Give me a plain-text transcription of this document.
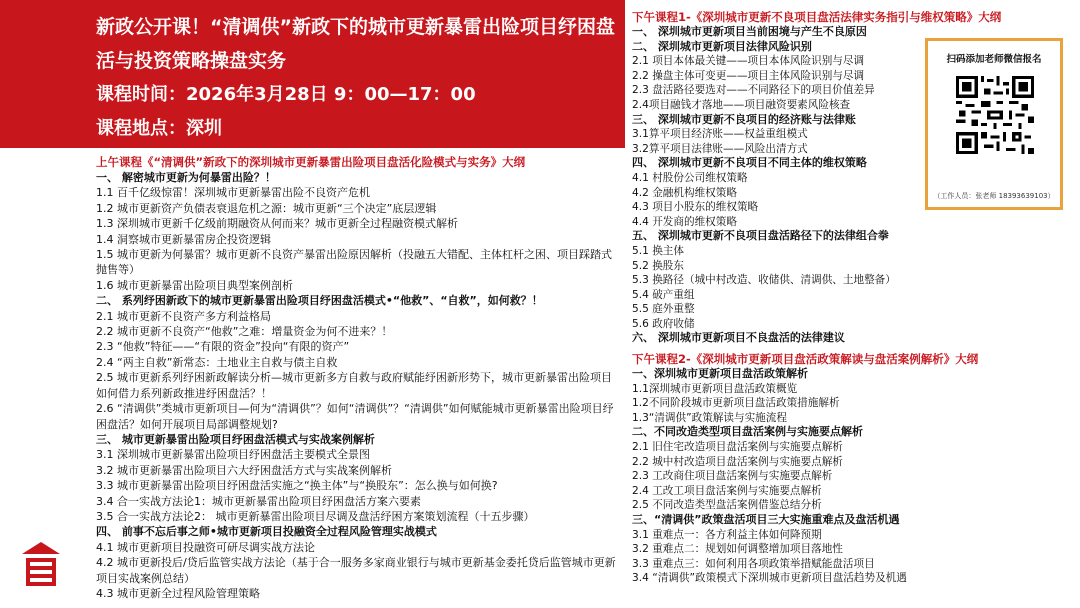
新政公开课！“清调供”新政下的城市更新暴雷出险项目纾困盘活与投资策略操盘实务

课程时间：2026年3月28日 9：00—17：00

课程地点：深圳

上午课程《“清调供”新政下的深圳城市更新暴雷出险项目盘活化险模式与实务》大纲

一、 解密城市更新为何暴雷出险？！

1.1 百千亿级惊雷！深圳城市更新暴雷出险不良资产危机

1.2 城市更新资产负债表衰退危机之源：城市更新“三个决定”底层逻辑

1.3 深圳城市更新千亿级前期融资从何而来？城市更新全过程融资模式解析

1.4 洞察城市更新暴雷房企投资逻辑

1.5 城市更新为何暴雷？城市更新不良资产暴雷出险原因解析（投融五大错配、主体杠杆之困、项目踩踏式抛售等）

1.6 城市更新暴雷出险项目典型案例剖析

二、 系列纾困新政下的城市更新暴雷出险项目纾困盘活模式•“他救”、“自救”，如何救？！

2.1 城市更新不良资产多方利益格局

2.2 城市更新不良资产“他救”之难：增量资金为何不进来？！

2.3 “他救”特征——“有限的资金”投向“有限的资产”

2.4 “两主自救”新常态：土地业主自救与债主自救

2.5 城市更新系列纾困新政解读分析—城市更新多方自救与政府赋能纾困新形势下，城市更新暴雷出险项目如何借力系列新政推进纾困盘活？！

2.6 “清调供”类城市更新项目—何为“清调供”？如何“清调供”？“清调供”如何赋能城市更新暴雷出险项目纾困盘活？如何开展项目局部调整规划?

三、 城市更新暴雷出险项目纾困盘活模式与实战案例解析

3.1 深圳城市更新暴雷出险项目纾困盘活主要模式全景图

3.2 城市更新暴雷出险项目六大纾困盘活方式与实战案例解析

3.3 城市更新暴雷出险项目纾困盘活实施之“换主体”与“换股东”：怎么换与如何换?

3.4 合一实战方法论1：城市更新暴雷出险项目纾困盘活方案六要素

3.5 合一实战方法论2： 城市更新暴雷出险项目尽调及盘活纾困方案策划流程（十五步骤）

四、 前事不忘后事之师•城市更新项目投融资全过程风险管理实战模式

4.1 城市更新项目投融资可研尽调实战方法论

4.2 城市更新投后/贷后监管实战方法论（基于合一服务多家商业银行与城市更新基金委托贷后监管城市更新项目实战案例总结）

4.3 城市更新全过程风险管理策略

下午课程1-《深圳城市更新不良项目盘活法律实务指引与维权策略》大纲

一、 深圳城市更新项目当前困境与产生不良原因

二、 深圳城市更新项目法律风险识别

2.1 项目本体最关键——项目本体风险识别与尽调

2.2 操盘主体可变更——项目主体风险识别与尽调

2.3 盘活路径要选对——不同路径下的项目价值差异

2.4项目融钱才落地——项目融资要素风险核查

三、 深圳城市更新不良项目的经济账与法律账

3.1算平项目经济账——权益重组模式

3.2算平项目法律账——风险出清方式

四、 深圳城市更新不良项目不同主体的维权策略

4.1 村股份公司维权策略

4.2 金融机构维权策略

4.3 项目小股东的维权策略

4.4 开发商的维权策略

五、 深圳城市更新不良项目盘活路径下的法律组合拳

5.1 换主体

5.2 换股东

5.3 换路径（城中村改造、收储供、清调供、土地整备）

5.4 破产重组

5.5 庭外重整

5.6 政府收储

六、 深圳城市更新项目不良盘活的法律建议

扫码添加老师微信报名

（工作人员：张老师 18393639103）

下午课程2-《深圳城市更新项目盘活政策解读与盘活案例解析》大纲

一、深圳城市更新项目盘活政策解析

1.1深圳城市更新项目盘活政策概览

1.2不同阶段城市更新项目盘活政策措施解析

1.3“清调供”政策解读与实施流程

二、不同改造类型项目盘活案例与实施要点解析

2.1 旧住宅改造项目盘活案例与实施要点解析

2.2 城中村改造项目盘活案例与实施要点解析

2.3 工改商住项目盘活案例与实施要点解析

2.4 工改工项目盘活案例与实施要点解析

2.5 不同改造类型盘活案例借鉴总结分析

三、“清调供”政策盘活项目三大实施重难点及盘活机遇

3.1 重难点一：各方利益主体如何降预期

3.2 重难点二：规划如何调整增加项目落地性

3.3 重难点三：如何利用各项政策举措赋能盘活项目

3.4 “清调供”政策模式下深圳城市更新项目盘活趋势及机遇
